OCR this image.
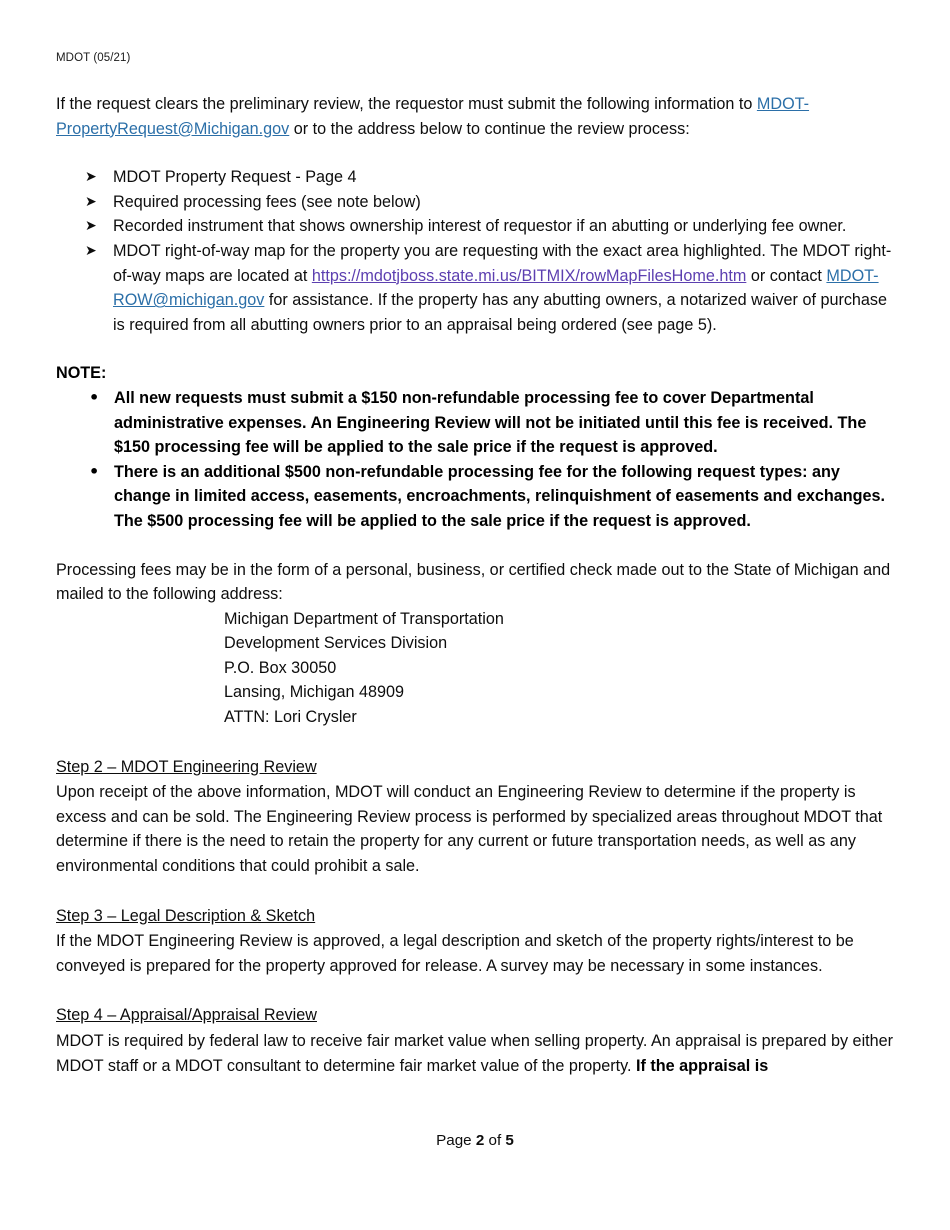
MDOT (05/21)

If the request clears the preliminary review, the requestor must submit the following information to MDOT-PropertyRequest@Michigan.gov or to the address below to continue the review process:

➤ MDOT Property Request - Page 4
➤ Required processing fees (see note below)
➤ Recorded instrument that shows ownership interest of requestor if an abutting or underlying fee owner.
➤ MDOT right-of-way map for the property you are requesting with the exact area highlighted. The MDOT right-of-way maps are located at https://mdotjboss.state.mi.us/BITMIX/rowMapFilesHome.htm or contact MDOT-ROW@michigan.gov for assistance. If the property has any abutting owners, a notarized waiver of purchase is required from all abutting owners prior to an appraisal being ordered (see page 5).
NOTE:
• All new requests must submit a $150 non-refundable processing fee to cover Departmental administrative expenses. An Engineering Review will not be initiated until this fee is received. The $150 processing fee will be applied to the sale price if the request is approved.
• There is an additional $500 non-refundable processing fee for the following request types: any change in limited access, easements, encroachments, relinquishment of easements and exchanges. The $500 processing fee will be applied to the sale price if the request is approved.

Processing fees may be in the form of a personal, business, or certified check made out to the State of Michigan and mailed to the following address:

Michigan Department of Transportation
Development Services Division
P.O. Box 30050
Lansing, Michigan 48909
ATTN: Lori Crysler
Step 2 – MDOT Engineering Review

Upon receipt of the above information, MDOT will conduct an Engineering Review to determine if the property is excess and can be sold. The Engineering Review process is performed by specialized areas throughout MDOT that determine if there is the need to retain the property for any current or future transportation needs, as well as any environmental conditions that could prohibit a sale.

Step 3 – Legal Description & Sketch

If the MDOT Engineering Review is approved, a legal description and sketch of the property rights/interest to be conveyed is prepared for the property approved for release. A survey may be necessary in some instances.

Step 4 – Appraisal/Appraisal Review

MDOT is required by federal law to receive fair market value when selling property. An appraisal is prepared by either MDOT staff or a MDOT consultant to determine fair market value of the property. If the appraisal is

Page 2 of 5
